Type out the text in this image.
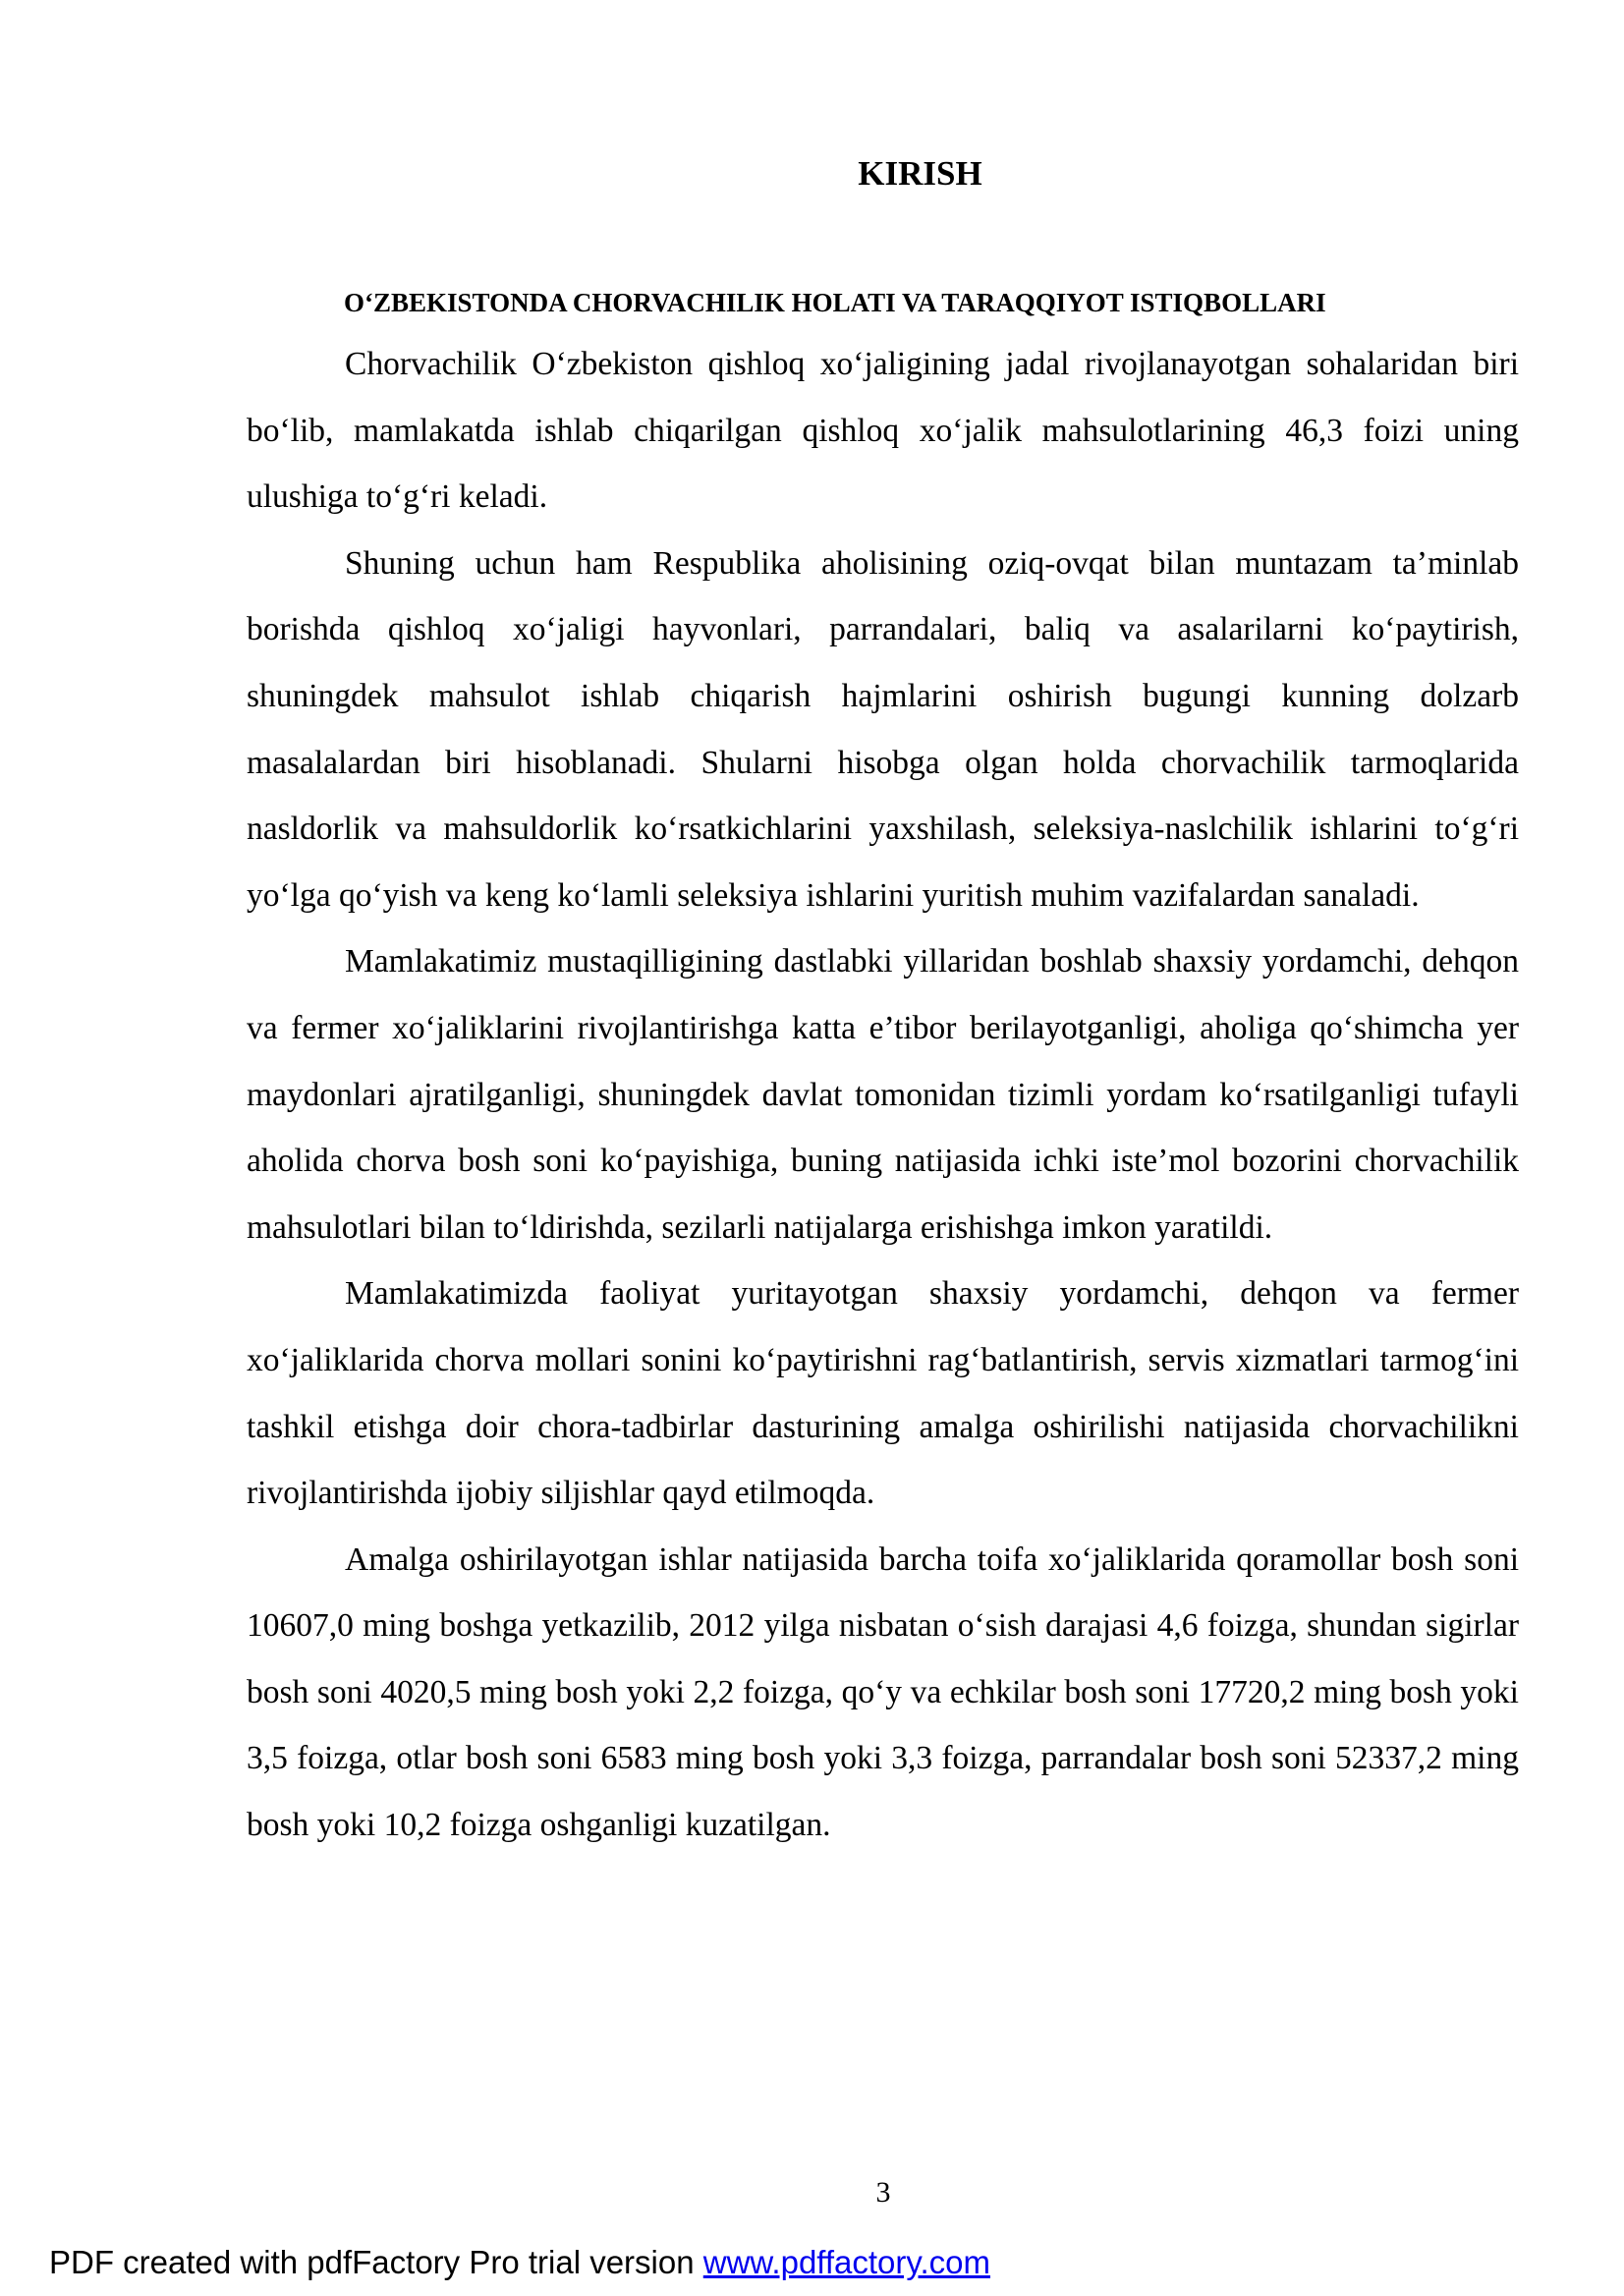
KIRISH
O‘ZBEKISTONDA CHORVACHILIK HOLATI VA TARAQQIYOT ISTIQBOLLARI

Chorvachilik O‘zbekiston qishloq xo‘jaligining jadal rivojlanayotgan sohalaridan biri bo‘lib, mamlakatda ishlab chiqarilgan qishloq xo‘jalik mahsulotlarining 46,3 foizi uning ulushiga to‘g‘ri keladi.

Shuning uchun ham Respublika aholisining oziq-ovqat bilan muntazam ta’minlab borishda qishloq xo‘jaligi hayvonlari, parrandalari, baliq va asalarilarni ko‘paytirish, shuningdek mahsulot ishlab chiqarish hajmlarini oshirish bugungi kunning dolzarb masalalardan biri hisoblanadi. Shularni hisobga olgan holda chorvachilik tarmoqlarida nasldorlik va mahsuldorlik ko‘rsatkichlarini yaxshilash, seleksiya-naslchilik ishlarini to‘g‘ri yo‘lga qo‘yish va keng ko‘lamli seleksiya ishlarini yuritish muhim vazifalardan sanaladi.

Mamlakatimiz mustaqilligining dastlabki yillaridan boshlab shaxsiy yordamchi, dehqon va fermer xo‘jaliklarini rivojlantirishga katta e’tibor berilayotganligi, aholiga qo‘shimcha yer maydonlari ajratilganligi, shuningdek davlat tomonidan tizimli yordam ko‘rsatilganligi tufayli aholida chorva bosh soni ko‘payishiga, buning natijasida ichki iste’mol bozorini chorvachilik mahsulotlari bilan to‘ldirishda, sezilarli natijalarga erishishga imkon yaratildi.

Mamlakatimizda faoliyat yuritayotgan shaxsiy yordamchi, dehqon va fermer xo‘jaliklarida chorva mollari sonini ko‘paytirishni rag‘batlantirish, servis xizmatlari tarmog‘ini tashkil etishga doir chora-tadbirlar dasturining amalga oshirilishi natijasida chorvachilikni rivojlantirishda ijobiy siljishlar qayd etilmoqda.

Amalga oshirilayotgan ishlar natijasida barcha toifa xo‘jaliklarida qoramollar bosh soni 10607,0 ming boshga yetkazilib, 2012 yilga nisbatan o‘sish darajasi 4,6 foizga, shundan sigirlar bosh soni 4020,5 ming bosh yoki 2,2 foizga, qo‘y va echkilar bosh soni 17720,2 ming bosh yoki 3,5 foizga, otlar bosh soni 6583 ming bosh yoki 3,3 foizga, parrandalar bosh soni 52337,2 ming bosh yoki 10,2 foizga oshganligi kuzatilgan.

3
PDF created with pdfFactory Pro trial version www.pdffactory.com
